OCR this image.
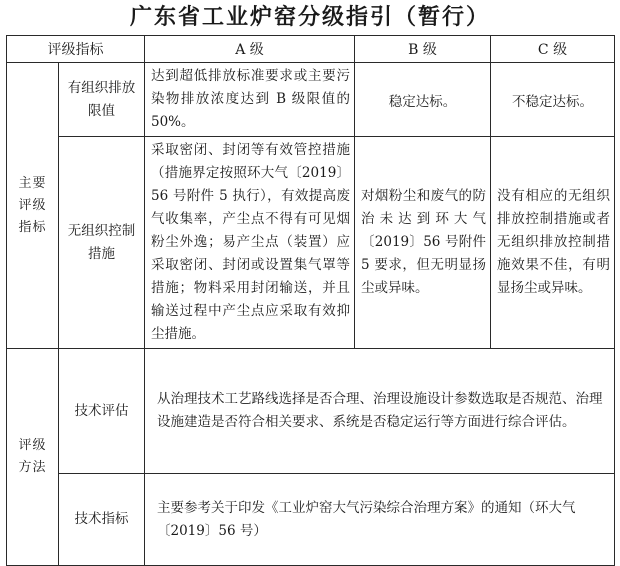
广东省工业炉窑分级指引（暂行）
评级指标		A 级	B 级	C 级

主要评级指标	有组织排放限值	达到超低排放标准要求或主要污染物排放浓度达到 B 级限值的 50%。	稳定达标。	不稳定达标。
	无组织控制措施	采取密闭、封闭等有效管控措施（措施界定按照环大气〔2019〕56 号附件 5 执行），有效提高废气收集率，产尘点不得有可见烟粉尘外逸；易产尘点（装置）应采取密闭、封闭或设置集气罩等措施；物料采用封闭输送，并且输送过程中产尘点应采取有效抑尘措施。	对烟粉尘和废气的防治未达到环大气〔2019〕56 号附件 5 要求，但无明显扬尘或异味。	没有相应的无组织排放控制措施或者无组织排放控制措施效果不佳，有明显扬尘或异味。

评级方法	技术评估	从治理技术工艺路线选择是否合理、治理设施设计参数选取是否规范、治理设施建造是否符合相关要求、系统是否稳定运行等方面进行综合评估。		
	技术指标	主要参考关于印发《工业炉窑大气污染综合治理方案》的通知（环大气〔2019〕56 号）		
